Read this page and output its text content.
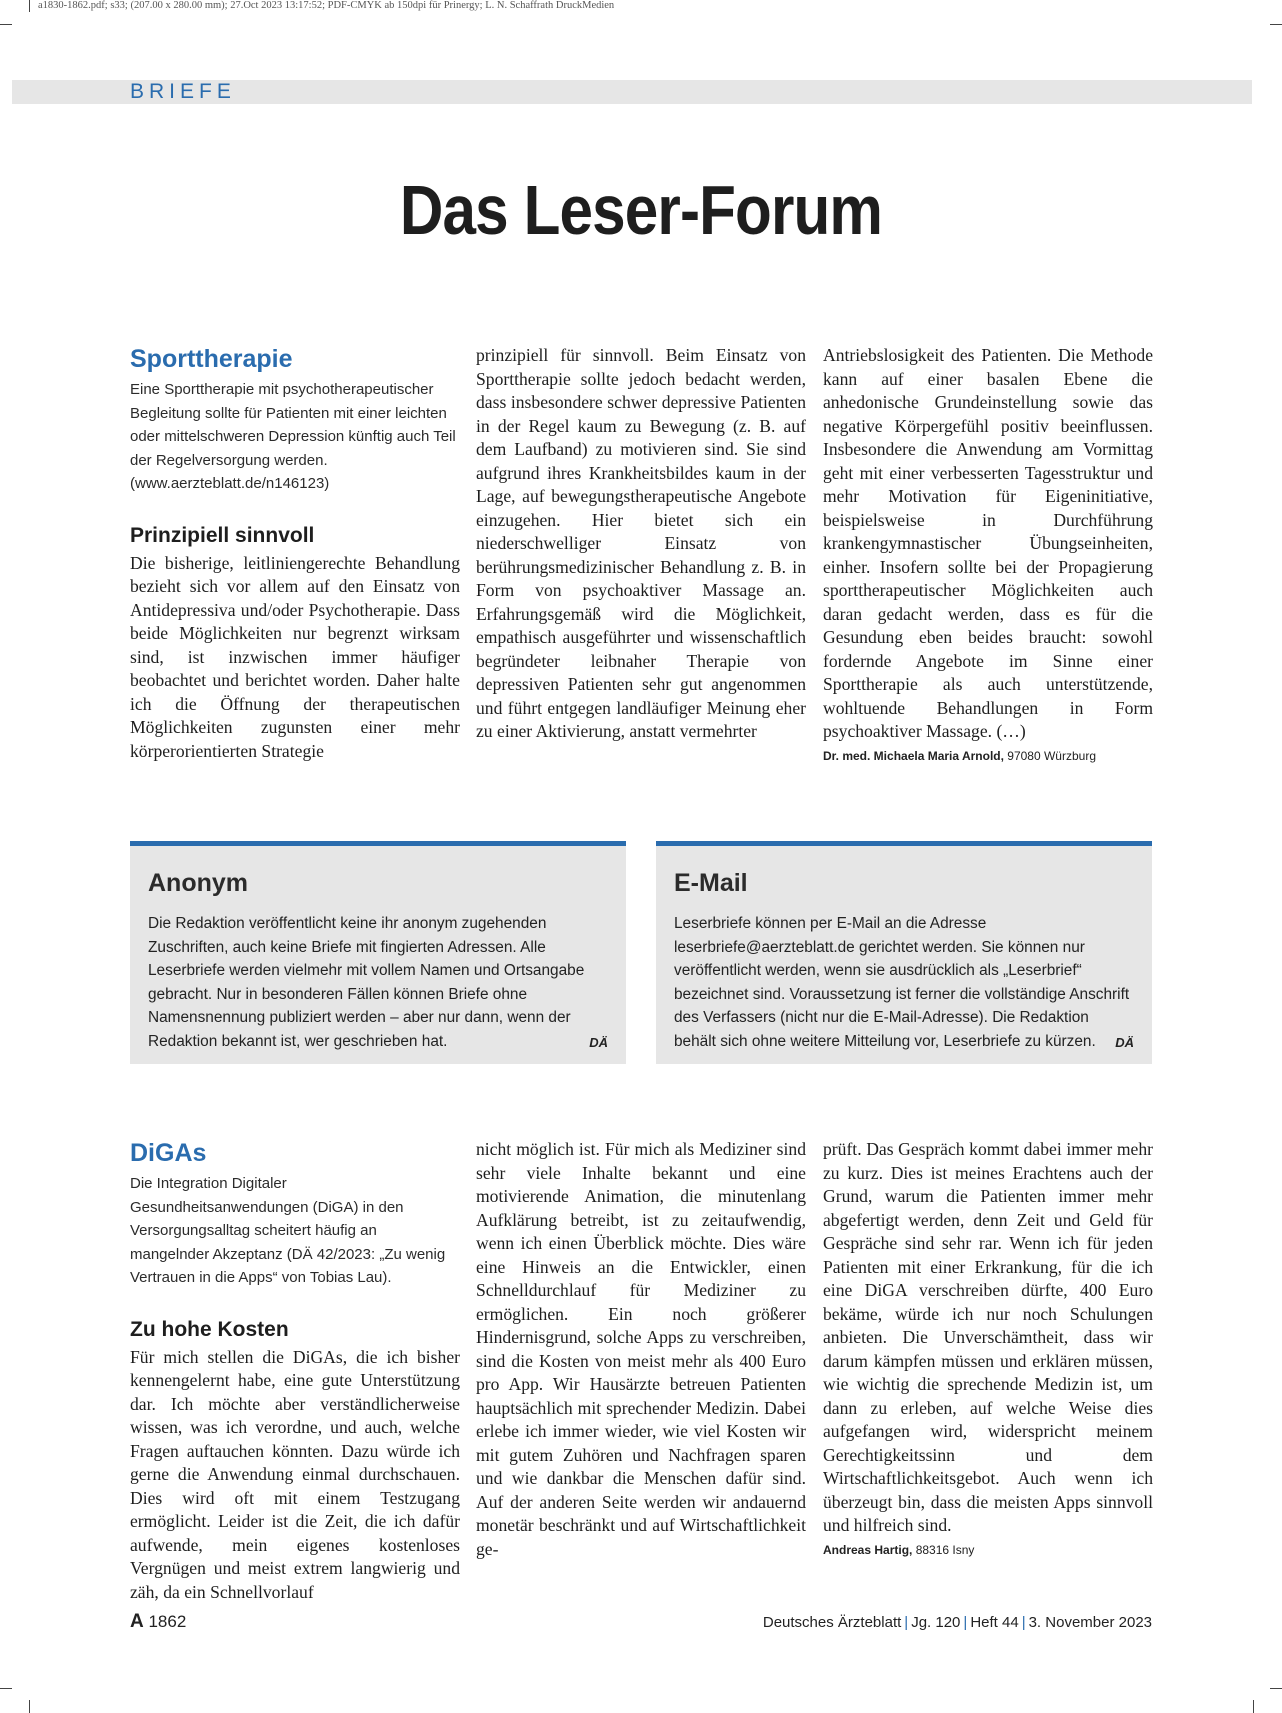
a1830-1862.pdf; s33; (207.00 x 280.00 mm); 27.Oct 2023 13:17:52; PDF-CMYK ab 150dpi für Prinergy; L. N. Schaffrath DruckMedien
BRIEFE
Das Leser-Forum
Sporttherapie

Eine Sporttherapie mit psychotherapeutischer Begleitung sollte für Patienten mit einer leichten oder mittelschweren Depression künftig auch Teil der Regelversorgung werden. (www.aerzteblatt.de/n146123)

Prinzipiell sinnvoll

Die bisherige, leitliniengerechte Behandlung bezieht sich vor allem auf den Einsatz von Antidepressiva und/oder Psychotherapie. Dass beide Möglichkeiten nur begrenzt wirksam sind, ist inzwischen immer häufiger beobachtet und berichtet worden. Daher halte ich die Öffnung der therapeutischen Möglichkeiten zugunsten einer mehr körperorientierten Strategie

prinzipiell für sinnvoll. Beim Einsatz von Sporttherapie sollte jedoch bedacht werden, dass insbesondere schwer depressive Patienten in der Regel kaum zu Bewegung (z. B. auf dem Laufband) zu motivieren sind. Sie sind aufgrund ihres Krankheitsbildes kaum in der Lage, auf bewegungstherapeutische Angebote einzugehen. Hier bietet sich ein niederschwelliger Einsatz von berührungsmedizinischer Behandlung z. B. in Form von psychoaktiver Massage an. Erfahrungsgemäß wird die Möglichkeit, empathisch ausgeführter und wissenschaftlich begründeter leibnaher Therapie von depressiven Patienten sehr gut angenommen und führt entgegen landläufiger Meinung eher zu einer Aktivierung, anstatt vermehrter

Antriebslosigkeit des Patienten. Die Methode kann auf einer basalen Ebene die anhedonische Grundeinstellung sowie das negative Körpergefühl positiv beeinflussen. Insbesondere die Anwendung am Vormittag geht mit einer verbesserten Tagesstruktur und mehr Motivation für Eigeninitiative, beispielsweise in Durchführung krankengymnastischer Übungseinheiten, einher. Insofern sollte bei der Propagierung sporttherapeutischer Möglichkeiten auch daran gedacht werden, dass es für die Gesundung eben beides braucht: sowohl fordernde Angebote im Sinne einer Sporttherapie als auch unterstützende, wohltuende Behandlungen in Form psychoaktiver Massage. (…)

Dr. med. Michaela Maria Arnold, 97080 Würzburg
Anonym

Die Redaktion veröffentlicht keine ihr anonym zugehenden Zuschriften, auch keine Briefe mit fingierten Adressen. Alle Leserbriefe werden vielmehr mit vollem Namen und Ortsangabe gebracht. Nur in besonderen Fällen können Briefe ohne Namensnennung publiziert werden – aber nur dann, wenn der Redaktion bekannt ist, wer geschrieben hat.	DÄ
E-Mail

Leserbriefe können per E-Mail an die Adresse leserbriefe@aerzteblatt.de gerichtet werden. Sie können nur veröffentlicht werden, wenn sie ausdrücklich als „Leserbrief“ bezeichnet sind. Voraussetzung ist ferner die vollständige Anschrift des Verfassers (nicht nur die E-Mail-Adresse). Die Redaktion behält sich ohne weitere Mitteilung vor, Leserbriefe zu kürzen.	DÄ
DiGAs

Die Integration Digitaler Gesundheitsanwendungen (DiGA) in den Versorgungsalltag scheitert häufig an mangelnder Akzeptanz (DÄ 42/2023: „Zu wenig Vertrauen in die Apps“ von Tobias Lau).

Zu hohe Kosten

Für mich stellen die DiGAs, die ich bisher kennengelernt habe, eine gute Unterstützung dar. Ich möchte aber verständlicherweise wissen, was ich verordne, und auch, welche Fragen auftauchen könnten. Dazu würde ich gerne die Anwendung einmal durchschauen. Dies wird oft mit einem Testzugang ermöglicht. Leider ist die Zeit, die ich dafür aufwende, mein eigenes kostenloses Vergnügen und meist extrem langwierig und zäh, da ein Schnellvorlauf

nicht möglich ist. Für mich als Mediziner sind sehr viele Inhalte bekannt und eine motivierende Animation, die minutenlang Aufklärung betreibt, ist zu zeitaufwendig, wenn ich einen Überblick möchte. Dies wäre eine Hinweis an die Entwickler, einen Schnelldurchlauf für Mediziner zu ermöglichen. Ein noch größerer Hindernisgrund, solche Apps zu verschreiben, sind die Kosten von meist mehr als 400 Euro pro App. Wir Hausärzte betreuen Patienten hauptsächlich mit sprechender Medizin. Dabei erlebe ich immer wieder, wie viel Kosten wir mit gutem Zuhören und Nachfragen sparen und wie dankbar die Menschen dafür sind. Auf der anderen Seite werden wir andauernd monetär beschränkt und auf Wirtschaftlichkeit ge-

prüft. Das Gespräch kommt dabei immer mehr zu kurz. Dies ist meines Erachtens auch der Grund, warum die Patienten immer mehr abgefertigt werden, denn Zeit und Geld für Gespräche sind sehr rar. Wenn ich für jeden Patienten mit einer Erkrankung, für die ich eine DiGA verschreiben dürfte, 400 Euro bekäme, würde ich nur noch Schulungen anbieten. Die Unverschämtheit, dass wir darum kämpfen müssen und erklären müssen, wie wichtig die sprechende Medizin ist, um dann zu erleben, auf welche Weise dies aufgefangen wird, widerspricht meinem Gerechtigkeitssinn und dem Wirtschaftlichkeitsgebot. Auch wenn ich überzeugt bin, dass die meisten Apps sinnvoll und hilfreich sind.

Andreas Hartig, 88316 Isny
A 1862	Deutsches Ärzteblatt | Jg. 120 | Heft 44 | 3. November 2023
